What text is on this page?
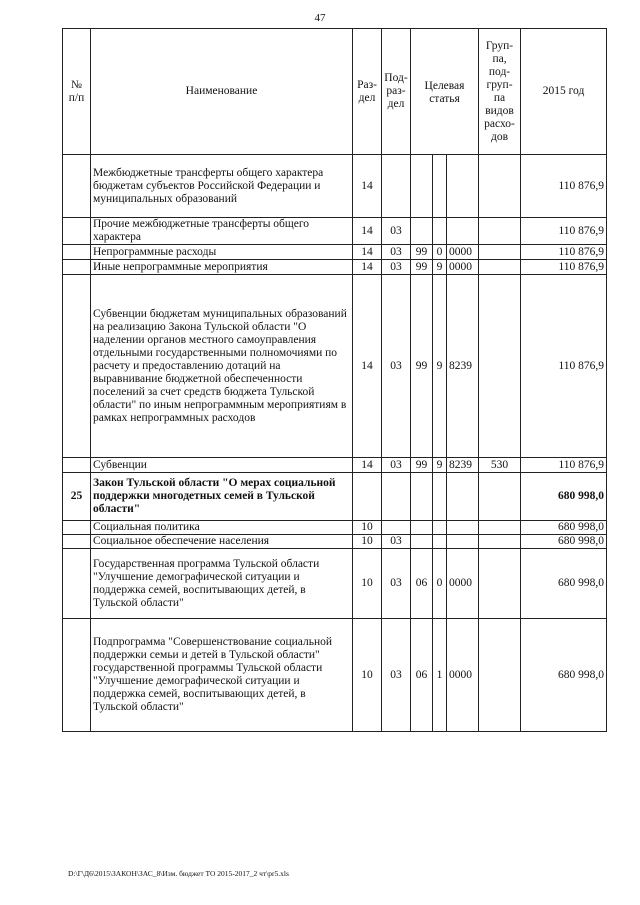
47
№ п/п	Наименование	Раз- дел	Под- раз- дел	Целевая статья			Груп- па, под- груп- па видов расхо- дов	2015 год
	Межбюджетные трансферты общего характера бюджетам субъектов Российской Федерации и муниципальных образований	14						110 876,9
	Прочие межбюджетные трансферты общего характера	14	03					110 876,9
	Непрограммные расходы	14	03	99	0	0000		110 876,9
	Иные непрограммные мероприятия	14	03	99	9	0000		110 876,9
	Субвенции бюджетам муниципальных образований на реализацию Закона Тульской области "О наделении органов местного самоуправления отдельными государственными полномочиями по расчету и предоставлению дотаций на выравнивание бюджетной обеспеченности поселений за счет средств бюджета Тульской области" по иным непрограммным мероприятиям в рамках непрограммных расходов	14	03	99	9	8239		110 876,9
	Субвенции	14	03	99	9	8239	530	110 876,9
25	Закон Тульской области "О мерах социальной поддержки многодетных семей в Тульской области"							680 998,0
	Социальная политика	10						680 998,0
	Социальное обеспечение населения	10	03					680 998,0
	Государственная программа Тульской области "Улучшение демографической ситуации и поддержка семей, воспитывающих детей, в Тульской области"	10	03	06	0	0000		680 998,0
	Подпрограмма "Совершенствование социальной поддержки семьи и детей в Тульской области" государственной программы Тульской области "Улучшение демографической ситуации и поддержка семей, воспитывающих детей, в Тульской области"	10	03	06	1	0000		680 998,0
D:\Г\Д6\2015\ЗАКОН\ЗАС_8\Изм. бюджет ТО 2015-2017_2 чт\pr5.xls
